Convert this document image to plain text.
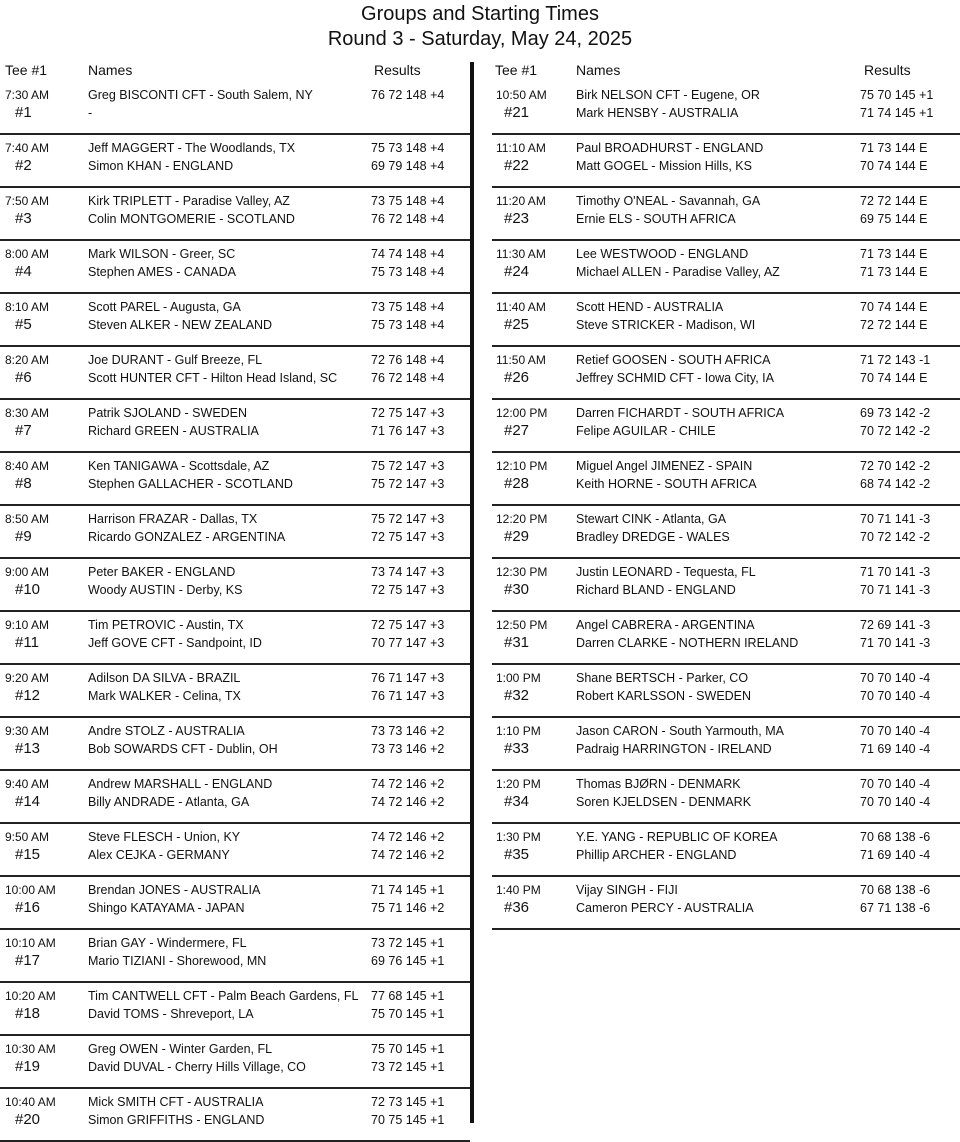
Groups and Starting Times
Round 3 - Saturday, May 24, 2025
Tee #1	Names	Results
7:30 AM
#1
Greg BISCONTI CFT - South Salem, NY	76 72 148 +4
-
7:40 AM
#2
Jeff MAGGERT - The Woodlands, TX	75 73 148 +4
Simon KHAN - ENGLAND	69 79 148 +4
7:50 AM
#3
Kirk TRIPLETT - Paradise Valley, AZ	73 75 148 +4
Colin MONTGOMERIE - SCOTLAND	76 72 148 +4
8:00 AM
#4
Mark WILSON - Greer, SC	74 74 148 +4
Stephen AMES - CANADA	75 73 148 +4
8:10 AM
#5
Scott PAREL - Augusta, GA	73 75 148 +4
Steven ALKER - NEW ZEALAND	75 73 148 +4
8:20 AM
#6
Joe DURANT - Gulf Breeze, FL	72 76 148 +4
Scott HUNTER CFT - Hilton Head Island, SC	76 72 148 +4
8:30 AM
#7
Patrik SJOLAND - SWEDEN	72 75 147 +3
Richard GREEN - AUSTRALIA	71 76 147 +3
8:40 AM
#8
Ken TANIGAWA - Scottsdale, AZ	75 72 147 +3
Stephen GALLACHER - SCOTLAND	75 72 147 +3
8:50 AM
#9
Harrison FRAZAR - Dallas, TX	75 72 147 +3
Ricardo GONZALEZ - ARGENTINA	72 75 147 +3
9:00 AM
#10
Peter BAKER - ENGLAND	73 74 147 +3
Woody AUSTIN - Derby, KS	72 75 147 +3
9:10 AM
#11
Tim PETROVIC - Austin, TX	72 75 147 +3
Jeff GOVE CFT - Sandpoint, ID	70 77 147 +3
9:20 AM
#12
Adilson DA SILVA - BRAZIL	76 71 147 +3
Mark WALKER - Celina, TX	76 71 147 +3
9:30 AM
#13
Andre STOLZ - AUSTRALIA	73 73 146 +2
Bob SOWARDS CFT - Dublin, OH	73 73 146 +2
9:40 AM
#14
Andrew MARSHALL - ENGLAND	74 72 146 +2
Billy ANDRADE - Atlanta, GA	74 72 146 +2
9:50 AM
#15
Steve FLESCH - Union, KY	74 72 146 +2
Alex CEJKA - GERMANY	74 72 146 +2
10:00 AM
#16
Brendan JONES - AUSTRALIA	71 74 145 +1
Shingo KATAYAMA - JAPAN	75 71 146 +2
10:10 AM
#17
Brian GAY - Windermere, FL	73 72 145 +1
Mario TIZIANI - Shorewood, MN	69 76 145 +1
10:20 AM
#18
Tim CANTWELL CFT - Palm Beach Gardens, FL 77 68 145 +1
David TOMS - Shreveport, LA	75 70 145 +1
10:30 AM
#19
Greg OWEN - Winter Garden, FL	75 70 145 +1
David DUVAL - Cherry Hills Village, CO	73 72 145 +1
10:40 AM
#20
Mick SMITH CFT - AUSTRALIA	72 73 145 +1
Simon GRIFFITHS - ENGLAND	70 75 145 +1
Tee #1	Names	Results
10:50 AM
#21
Birk NELSON CFT - Eugene, OR	75 70 145 +1
Mark HENSBY - AUSTRALIA	71 74 145 +1
11:10 AM
#22
Paul BROADHURST - ENGLAND	71 73 144 E
Matt GOGEL - Mission Hills, KS	70 74 144 E
11:20 AM
#23
Timothy O'NEAL - Savannah, GA	72 72 144 E
Ernie ELS - SOUTH AFRICA	69 75 144 E
11:30 AM
#24
Lee WESTWOOD - ENGLAND	71 73 144 E
Michael ALLEN - Paradise Valley, AZ	71 73 144 E
11:40 AM
#25
Scott HEND - AUSTRALIA	70 74 144 E
Steve STRICKER - Madison, WI	72 72 144 E
11:50 AM
#26
Retief GOOSEN - SOUTH AFRICA	71 72 143 -1
Jeffrey SCHMID CFT - Iowa City, IA	70 74 144 E
12:00 PM
#27
Darren FICHARDT - SOUTH AFRICA	69 73 142 -2
Felipe AGUILAR - CHILE	70 72 142 -2
12:10 PM
#28
Miguel Angel JIMENEZ - SPAIN	72 70 142 -2
Keith HORNE - SOUTH AFRICA	68 74 142 -2
12:20 PM
#29
Stewart CINK - Atlanta, GA	70 71 141 -3
Bradley DREDGE - WALES	70 72 142 -2
12:30 PM
#30
Justin LEONARD - Tequesta, FL	71 70 141 -3
Richard BLAND - ENGLAND	70 71 141 -3
12:50 PM
#31
Angel CABRERA - ARGENTINA	72 69 141 -3
Darren CLARKE - NOTHERN IRELAND	71 70 141 -3
1:00 PM
#32
Shane BERTSCH - Parker, CO	70 70 140 -4
Robert KARLSSON - SWEDEN	70 70 140 -4
1:10 PM
#33
Jason CARON - South Yarmouth, MA	70 70 140 -4
Padraig HARRINGTON - IRELAND	71 69 140 -4
1:20 PM
#34
Thomas BJØRN - DENMARK	70 70 140 -4
Soren KJELDSEN - DENMARK	70 70 140 -4
1:30 PM
#35
Y.E. YANG - REPUBLIC OF KOREA	70 68 138 -6
Phillip ARCHER - ENGLAND	71 69 140 -4
1:40 PM
#36
Vijay SINGH - FIJI	70 68 138 -6
Cameron PERCY - AUSTRALIA	67 71 138 -6
